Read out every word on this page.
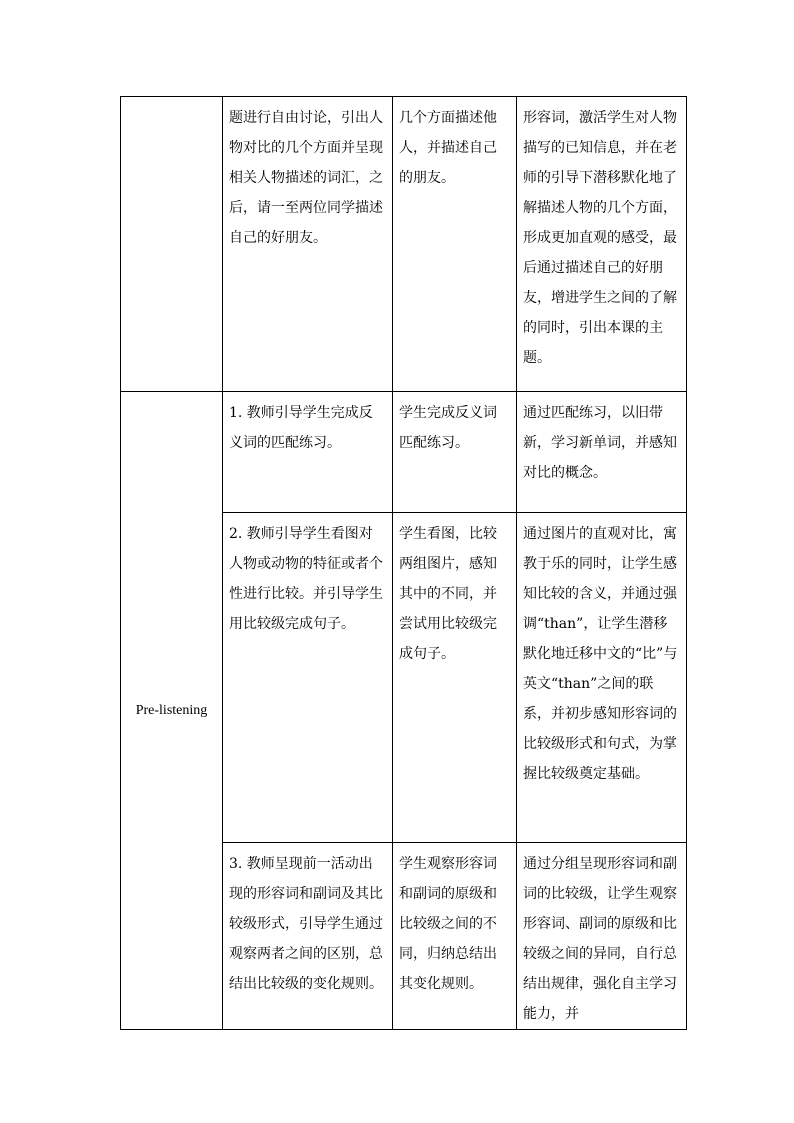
	题进行自由讨论，引出人物对比的几个方面并呈现相关人物描述的词汇，之后，请一至两位同学描述自己的好朋友。	几个方面描述他人，并描述自己的朋友。	形容词，激活学生对人物描写的已知信息，并在老师的引导下潜移默化地了解描述人物的几个方面，形成更加直观的感受，最后通过描述自己的好朋友，增进学生之间的了解的同时，引出本课的主题。
Pre-listening	1. 教师引导学生完成反义词的匹配练习。	学生完成反义词匹配练习。	通过匹配练习，以旧带新，学习新单词，并感知对比的概念。
	2. 教师引导学生看图对人物或动物的特征或者个性进行比较。并引导学生用比较级完成句子。	学生看图，比较两组图片，感知其中的不同，并尝试用比较级完成句子。	通过图片的直观对比，寓教于乐的同时，让学生感知比较的含义，并通过强调“than”，让学生潜移默化地迁移中文的“比”与英文“than”之间的联系，并初步感知形容词的比较级形式和句式，为掌握比较级奠定基础。
	3. 教师呈现前一活动出现的形容词和副词及其比较级形式，引导学生通过观察两者之间的区别，总结出比较级的变化规则。	学生观察形容词和副词的原级和比较级之间的不同，归纳总结出其变化规则。	通过分组呈现形容词和副词的比较级，让学生观察形容词、副词的原级和比较级之间的异同，自行总结出规律，强化自主学习能力，并
